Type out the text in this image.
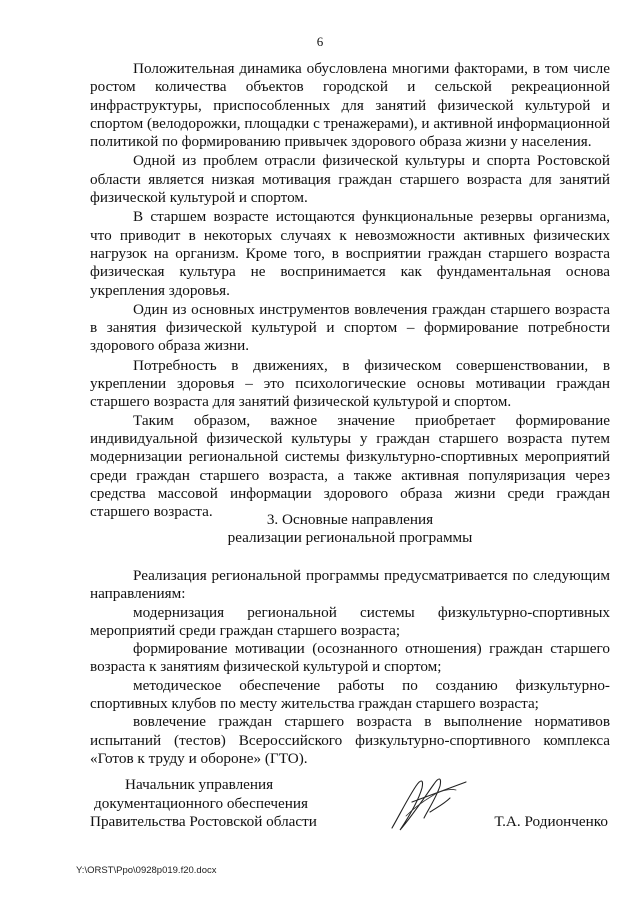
6

Положительная динамика обусловлена многими факторами, в том числе ростом количества объектов городской и сельской рекреационной инфраструктуры, приспособленных для занятий физической культурой и спортом (велодорожки, площадки с тренажерами), и активной информационной политикой по формированию привычек здорового образа жизни у населения.

Одной из проблем отрасли физической культуры и спорта Ростовской области является низкая мотивация граждан старшего возраста для занятий физической культурой и спортом.

В старшем возрасте истощаются функциональные резервы организма, что приводит в некоторых случаях к невозможности активных физических нагрузок на организм. Кроме того, в восприятии граждан старшего возраста физическая культура не воспринимается как фундаментальная основа укрепления здоровья.

Один из основных инструментов вовлечения граждан старшего возраста в занятия физической культурой и спортом – формирование потребности здорового образа жизни.

Потребность в движениях, в физическом совершенствовании, в укреплении здоровья – это психологические основы мотивации граждан старшего возраста для занятий физической культурой и спортом.

Таким образом, важное значение приобретает формирование индивидуальной физической культуры у граждан старшего возраста путем модернизации региональной системы физкультурно-спортивных мероприятий среди граждан старшего возраста, а также активная популяризация через средства массовой информации здорового образа жизни среди граждан старшего возраста.	3. Основные направления
реализации региональной программы

Реализация региональной программы предусматривается по следующим направлениям:

модернизация региональной системы физкультурно-спортивных мероприятий среди граждан старшего возраста;

формирование мотивации (осознанного отношения) граждан старшего возраста к занятиям физической культурой и спортом;

методическое обеспечение работы по созданию физкультурно-спортивных клубов по месту жительства граждан старшего возраста;

вовлечение граждан старшего возраста в выполнение нормативов испытаний (тестов) Всероссийского физкультурно-спортивного комплекса «Готов к труду и обороне» (ГТО).

Начальник управления
документационного обеспечения
Правительства Ростовской области	Т.А. Родионченко
Y:\ORST\Ppo\0928p019.f20.docx
